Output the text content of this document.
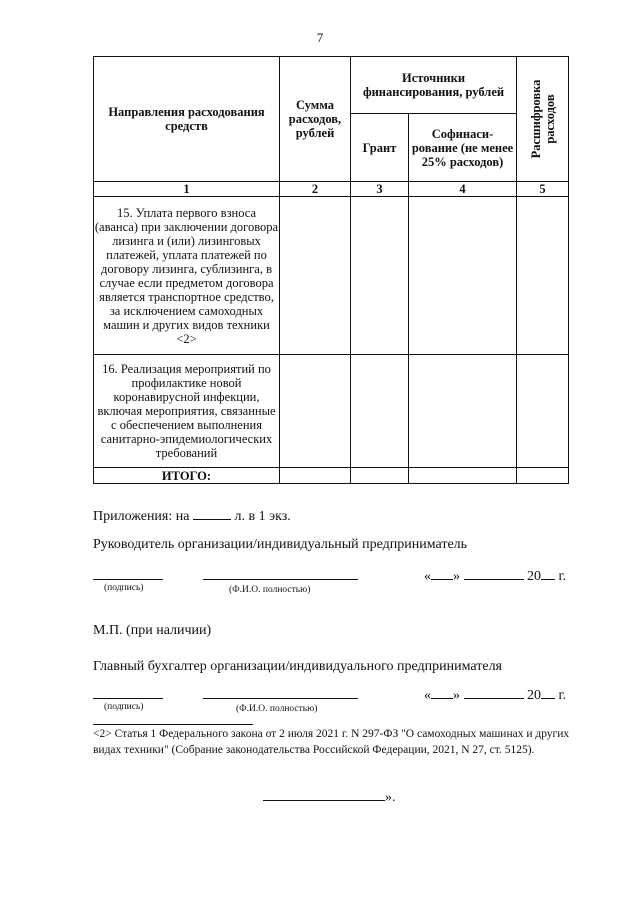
7
Направления расходования средств	Сумма расходов, рублей	Источники финансирования, рублей		Расшифровка расходов

		Грант	Софинаси-рование (не менее 25% расходов)	
1	2	3	4	5
15. Уплата первого взноса (аванса) при заключении договора лизинга и (или) лизинговых платежей, уплата платежей по договору лизинга, сублизинга, в случае если предметом договора является транспортное средство, за исключением самоходных машин и других видов техники <2>				
16. Реализация мероприятий по профилактике новой коронавирусной инфекции, включая мероприятия, связанные с обеспечением выполнения санитарно-эпидемиологических требований				
ИТОГО:				
Приложения: на	л. в 1 экз.
Руководитель организации/индивидуальный предприниматель
(подпись)	(Ф.И.О. полностью)
« »	20 г.
М.П. (при наличии)
Главный бухгалтер организации/индивидуального предпринимателя
(подпись)	(Ф.И.О. полностью)
« »	20 г.
<2> Статья 1 Федерального закона от 2 июля 2021 г. N 297-ФЗ "О самоходных машинах и других видах техники" (Собрание законодательства Российской Федерации, 2021, N 27, ст. 5125).
».
